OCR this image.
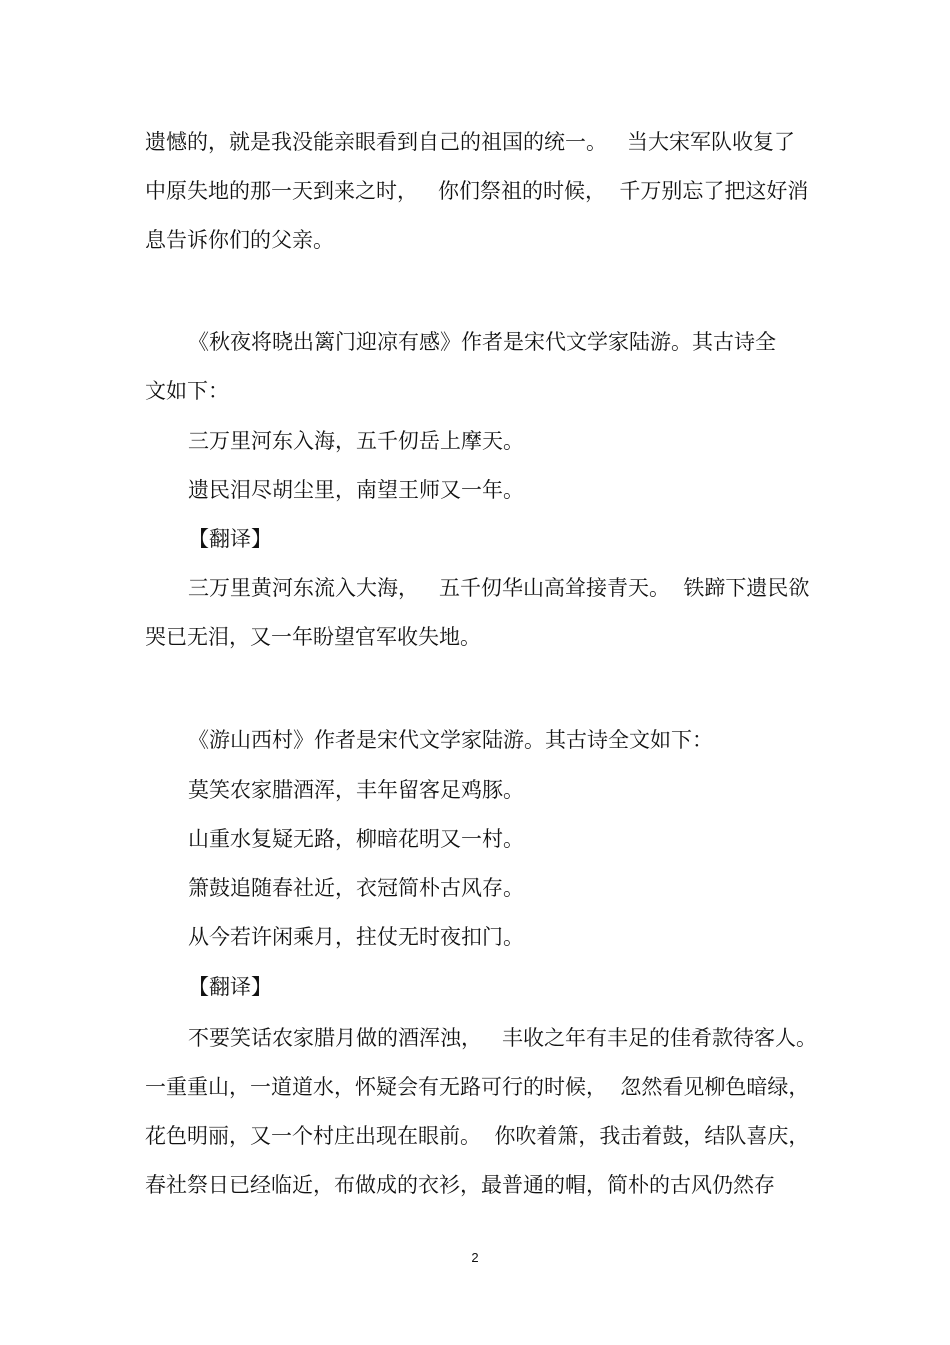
遗憾的，就是我没能亲眼看到自己的祖国的统一。   当大宋军队收复了

中原失地的那一天到来之时，   你们祭祖的时候，  千万别忘了把这好消

息告诉你们的父亲。

《秋夜将晓出篱门迎凉有感》作者是宋代文学家陆游。其古诗全

文如下：

三万里河东入海，五千仞岳上摩天。

遗民泪尽胡尘里，南望王师又一年。

【翻译】

三万里黄河东流入大海，   五千仞华山高耸接青天。  铁蹄下遗民欲

哭已无泪，又一年盼望官军收失地。

《游山西村》作者是宋代文学家陆游。其古诗全文如下：

莫笑农家腊酒浑，丰年留客足鸡豚。

山重水复疑无路，柳暗花明又一村。

箫鼓追随春社近，衣冠简朴古风存。

从今若许闲乘月，拄仗无时夜扣门。

【翻译】

不要笑话农家腊月做的酒浑浊，   丰收之年有丰足的佳肴款待客人。

一重重山，一道道水，怀疑会有无路可行的时候，  忽然看见柳色暗绿，

花色明丽，又一个村庄出现在眼前。  你吹着箫，我击着鼓，结队喜庆，

春社祭日已经临近，布做成的衣衫，最普通的帽，简朴的古风仍然存

2
